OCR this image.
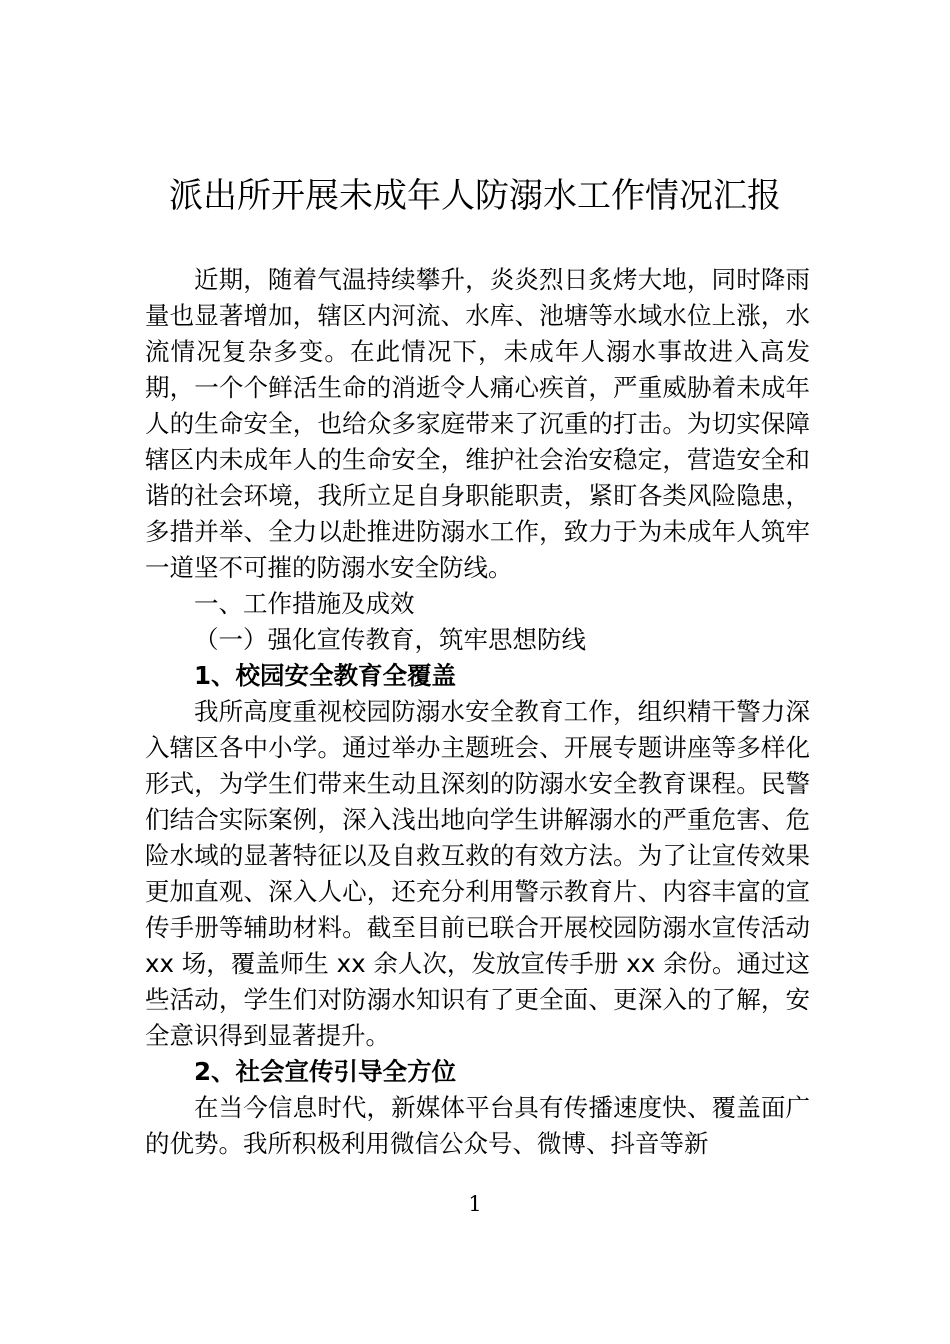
派出所开展未成年人防溺水工作情况汇报

近期，随着气温持续攀升，炎炎烈日炙烤大地，同时降雨量也显著增加，辖区内河流、水库、池塘等水域水位上涨，水流情况复杂多变。在此情况下，未成年人溺水事故进入高发期，一个个鲜活生命的消逝令人痛心疾首，严重威胁着未成年人的生命安全，也给众多家庭带来了沉重的打击。为切实保障辖区内未成年人的生命安全，维护社会治安稳定，营造安全和谐的社会环境，我所立足自身职能职责，紧盯各类风险隐患，多措并举、全力以赴推进防溺水工作，致力于为未成年人筑牢一道坚不可摧的防溺水安全防线。

一、工作措施及成效

（一）强化宣传教育，筑牢思想防线

1、校园安全教育全覆盖

我所高度重视校园防溺水安全教育工作，组织精干警力深入辖区各中小学。通过举办主题班会、开展专题讲座等多样化形式，为学生们带来生动且深刻的防溺水安全教育课程。民警们结合实际案例，深入浅出地向学生讲解溺水的严重危害、危险水域的显著特征以及自救互救的有效方法。为了让宣传效果更加直观、深入人心，还充分利用警示教育片、内容丰富的宣传手册等辅助材料。截至目前已联合开展校园防溺水宣传活动 xx 场，覆盖师生 xx 余人次，发放宣传手册 xx 余份。通过这些活动，学生们对防溺水知识有了更全面、更深入的了解，安全意识得到显著提升。

2、社会宣传引导全方位

在当今信息时代，新媒体平台具有传播速度快、覆盖面广的优势。我所积极利用微信公众号、微博、抖音等新

1
